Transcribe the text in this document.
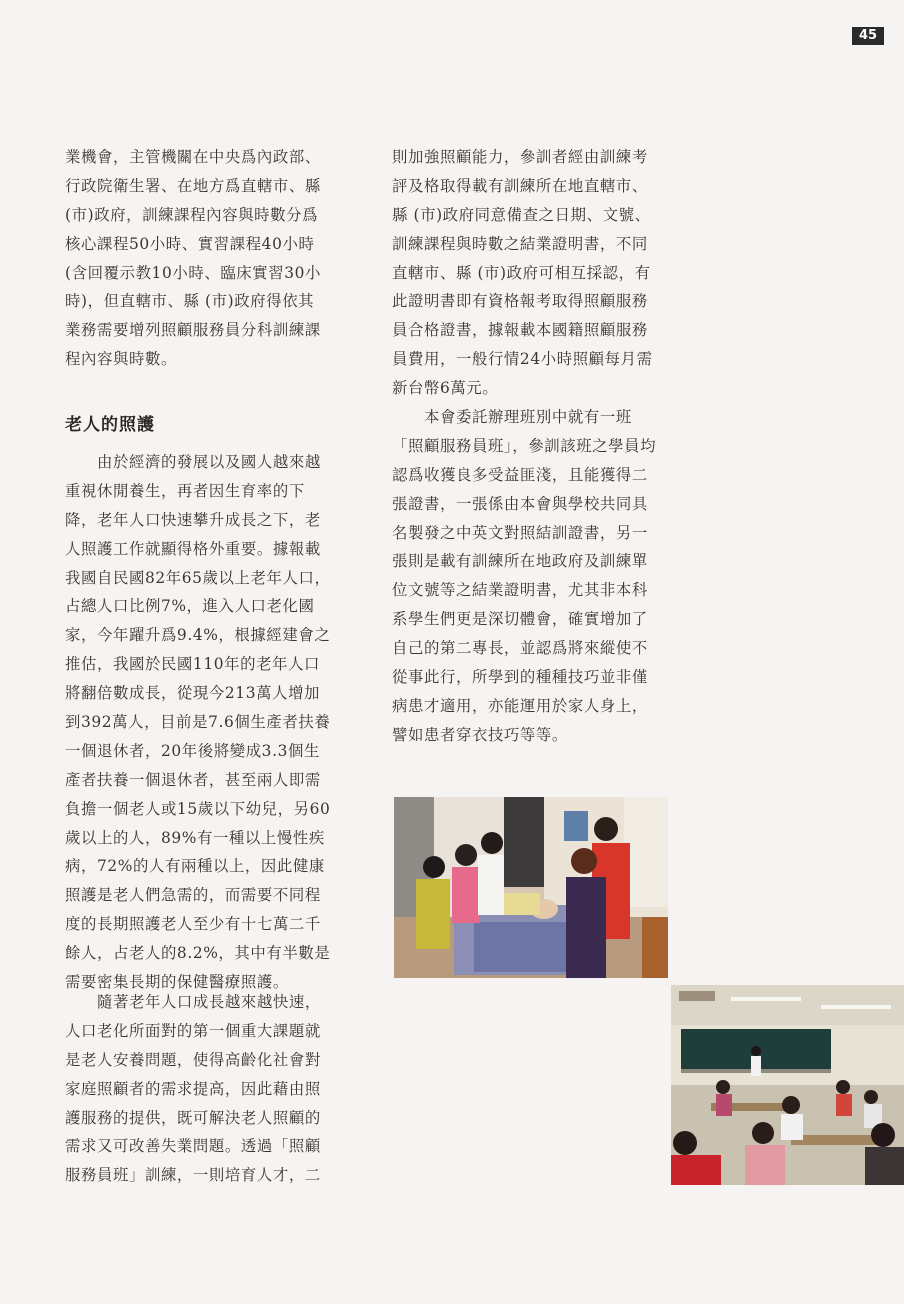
45
業機會，主管機關在中央爲內政部、
行政院衛生署、在地方爲直轄市、縣
(市)政府，訓練課程內容與時數分爲
核心課程50小時、實習課程40小時
(含回覆示教10小時、臨床實習30小
時)，但直轄市、縣 (市)政府得依其
業務需要增列照顧服務員分科訓練課
程內容與時數。
老人的照護
　　由於經濟的發展以及國人越來越
重視休閒養生，再者因生育率的下
降，老年人口快速攀升成長之下，老
人照護工作就顯得格外重要。據報載
我國自民國82年65歲以上老年人口，
占總人口比例7%，進入人口老化國
家，今年躍升爲9.4%，根據經建會之
推估，我國於民國110年的老年人口
將翻倍數成長，從現今213萬人增加
到392萬人，目前是7.6個生產者扶養
一個退休者，20年後將變成3.3個生
產者扶養一個退休者，甚至兩人即需
負擔一個老人或15歲以下幼兒，另60
歲以上的人，89%有一種以上慢性疾
病，72%的人有兩種以上，因此健康
照護是老人們急需的，而需要不同程
度的長期照護老人至少有十七萬二千
餘人，占老人的8.2%，其中有半數是
需要密集長期的保健醫療照護。
　　隨著老年人口成長越來越快速，
人口老化所面對的第一個重大課題就
是老人安養問題，使得高齡化社會對
家庭照顧者的需求提高，因此藉由照
護服務的提供，既可解決老人照顧的
需求又可改善失業問題。透過「照顧
服務員班」訓練，一則培育人才，二
則加強照顧能力，參訓者經由訓練考
評及格取得載有訓練所在地直轄市、
縣 (市)政府同意備查之日期、文號、
訓練課程與時數之結業證明書，不同
直轄市、縣 (市)政府可相互採認，有
此證明書即有資格報考取得照顧服務
員合格證書，據報載本國籍照顧服務
員費用，一般行情24小時照顧每月需
新台幣6萬元。
　　本會委託辦理班別中就有一班
「照顧服務員班」，參訓該班之學員均
認爲收獲良多受益匪淺，且能獲得二
張證書，一張係由本會與學校共同具
名製發之中英文對照結訓證書，另一
張則是載有訓練所在地政府及訓練單
位文號等之結業證明書，尤其非本科
系學生們更是深切體會，確實增加了
自己的第二專長，並認爲將來縱使不
從事此行，所學到的種種技巧並非僅
病患才適用，亦能運用於家人身上，
譬如患者穿衣技巧等等。
